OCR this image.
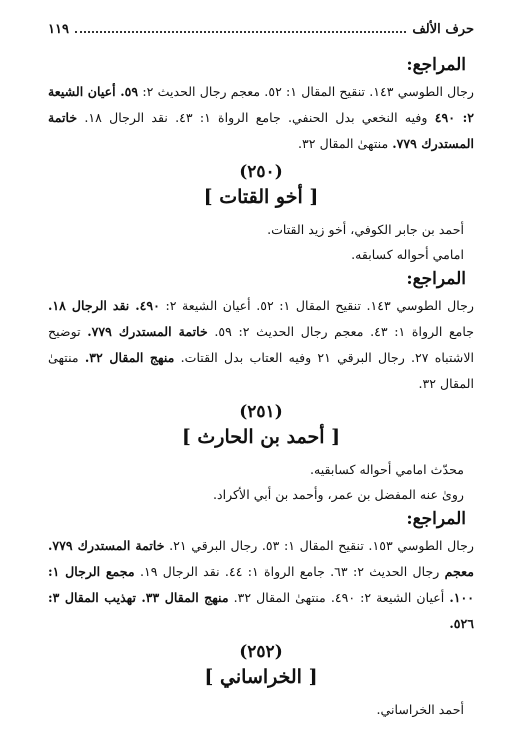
حرف الألف
١١٩
المراجع:

رجال الطوسي ١٤٣. تنقيح المقال ١: ٥٢. معجم رجال الحديث ٢: ٥٩. أعيان الشيعة ٢: ٤٩٠ وفيه النخعي بدل الحنفي. جامع الرواة ١: ٤٣. نقد الرجال ١٨. خاتمة المستدرك ٧٧٩. منتهىٰ المقال ٣٢.

(٢٥٠)
[ أخو القتات ]
أحمد بن جابر الكوفي، أخو زيد القتات.
امامي أحواله كسابقه.
المراجع:

رجال الطوسي ١٤٣. تنقيح المقال ١: ٥٢. أعيان الشيعة ٢: ٤٩٠. نقد الرجال ١٨. جامع الرواة ١: ٤٣. معجم رجال الحديث ٢: ٥٩. خاتمة المستدرك ٧٧٩. توضيح الاشتباه ٢٧. رجال البرقي ٢١ وفيه العتاب بدل القتات. منهج المقال ٣٢. منتهىٰ المقال ٣٢.

(٢٥١)
[ أحمد بن الحارث ]
محدّث امامي أحواله كسابقيه.
روىٰ عنه المفضل بن عمر، وأحمد بن أبي الأكراد.
المراجع:

رجال الطوسي ١٥٣. تنقيح المقال ١: ٥٣. رجال البرقي ٢١. خاتمة المستدرك ٧٧٩. معجم رجال الحديث ٢: ٦٣. جامع الرواة ١: ٤٤. نقد الرجال ١٩. مجمع الرجال ١: ١٠٠. أعيان الشيعة ٢: ٤٩٠. منتهىٰ المقال ٣٢. منهج المقال ٣٣. تهذيب المقال ٣: ٥٢٦.

(٢٥٢)
[ الخراساني ]
أحمد الخراساني.
